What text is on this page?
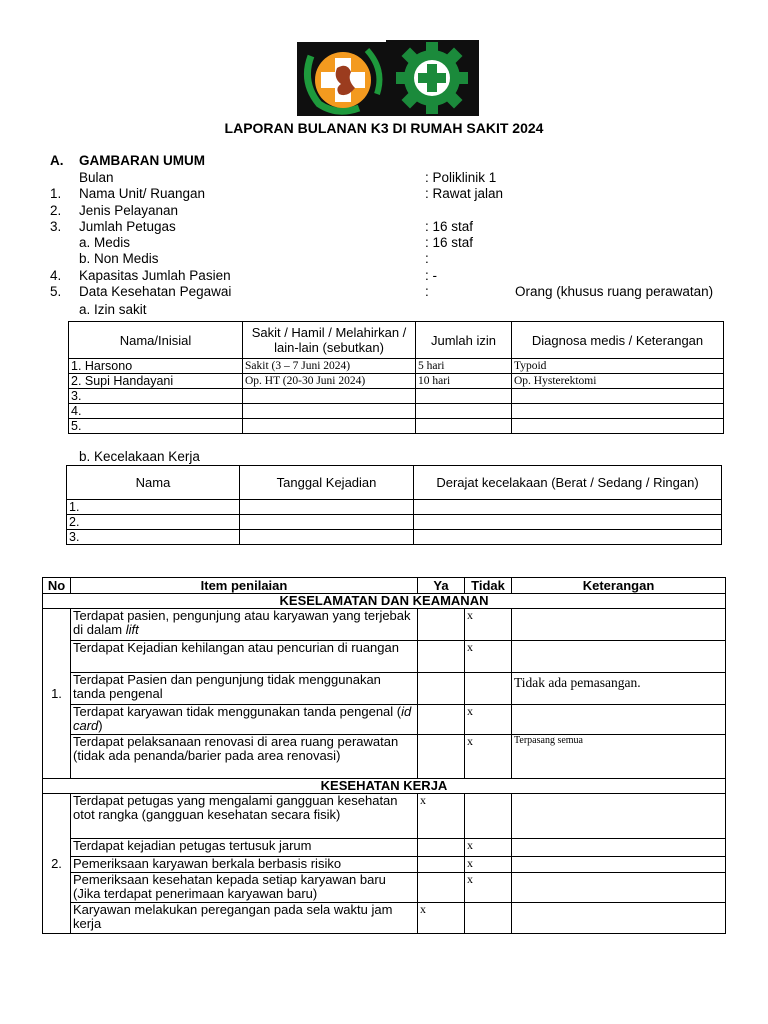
LAPORAN BULANAN K3 DI RUMAH SAKIT 2024
A. GAMBARAN UMUM
Bulan	: Poliklinik 1
1. Nama Unit/ Ruangan	: Rawat jalan
2. Jenis Pelayanan
3. Jumlah Petugas	: 16 staf
a. Medis	: 16 staf
b. Non Medis	:
4. Kapasitas Jumlah Pasien	: -
5. Data Kesehatan Pegawai	:	Orang (khusus ruang perawatan)
a. Izin sakit
Nama/Inisial	Sakit / Hamil / Melahirkan / lain-lain (sebutkan)	Jumlah izin	Diagnosa medis / Keterangan
1. Harsono	Sakit (3 – 7 Juni 2024)	5 hari	Typoid
2. Supi Handayani	Op. HT (20-30 Juni 2024)	10 hari	Op. Hysterektomi
3.			
4.			
5.			
b. Kecelakaan Kerja
Nama	Tanggal Kejadian	Derajat kecelakaan (Berat / Sedang / Ringan)
1.		
2.		
3.		
No	Item penilaian	Ya	Tidak	Keterangan
KESELAMATAN DAN KEAMANAN				
1.	Terdapat pasien, pengunjung atau karyawan yang terjebak di dalam lift		x	
	Terdapat Kejadian kehilangan atau pencurian di ruangan		x	
	Terdapat Pasien dan pengunjung tidak menggunakan tanda pengenal			Tidak ada pemasangan.
	Terdapat karyawan tidak menggunakan tanda pengenal (id card)		x	
	Terdapat pelaksanaan renovasi di area ruang perawatan (tidak ada penanda/barier pada area renovasi)		x	Terpasang semua
KESEHATAN KERJA				
2.	Terdapat petugas yang mengalami gangguan kesehatan otot rangka (gangguan kesehatan secara fisik)	x		
	Terdapat kejadian petugas tertusuk jarum		x	
	Pemeriksaan karyawan berkala berbasis risiko		x	
	Pemeriksaan kesehatan kepada setiap karyawan baru (Jika terdapat penerimaan karyawan baru)		x	
	Karyawan melakukan peregangan pada sela waktu jam kerja	x		
